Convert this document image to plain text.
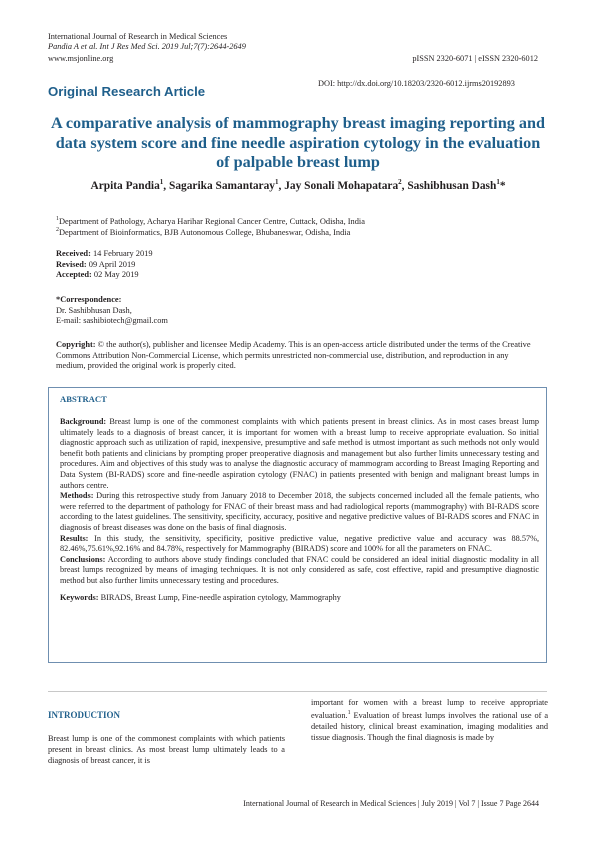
International Journal of Research in Medical Sciences
Pandia A et al. Int J Res Med Sci. 2019 Jul;7(7):2644-2649
www.msjonline.org	pISSN 2320-6071 | eISSN 2320-6012
DOI: http://dx.doi.org/10.18203/2320-6012.ijrms20192893
Original Research Article
A comparative analysis of mammography breast imaging reporting and data system score and fine needle aspiration cytology in the evaluation of palpable breast lump
Arpita Pandia$^1$, Sagarika Samantaray$^1$, Jay Sonali Mohapatara$^2$, Sashibhusan Dash$^1$*
$^1$Department of Pathology, Acharya Harihar Regional Cancer Centre, Cuttack, Odisha, India
$^2$Department of Bioinformatics, BJB Autonomous College, Bhubaneswar, Odisha, India
Received: 14 February 2019
Revised: 09 April 2019
Accepted: 02 May 2019
*Correspondence:
Dr. Sashibhusan Dash,
E-mail: sashibiotech@gmail.com
Copyright: © the author(s), publisher and licensee Medip Academy. This is an open-access article distributed under the terms of the Creative Commons Attribution Non-Commercial License, which permits unrestricted non-commercial use, distribution, and reproduction in any medium, provided the original work is properly cited.
ABSTRACT

Background: Breast lump is one of the commonest complaints with which patients present in breast clinics. As in most cases breast lump ultimately leads to a diagnosis of breast cancer, it is important for women with a breast lump to receive appropriate evaluation. So initial diagnostic approach such as utilization of rapid, inexpensive, presumptive and safe method is utmost important as such methods not only would benefit both patients and clinicians by prompting proper preoperative diagnosis and management but also further limits unnecessary testing and procedures. Aim and objectives of this study was to analyse the diagnostic accuracy of mammogram according to Breast Imaging Reporting and Data System (BI-RADS) score and fine-needle aspiration cytology (FNAC) in patients presented with benign and malignant breast lumps in authors centre.

Methods: During this retrospective study from January 2018 to December 2018, the subjects concerned included all the female patients, who were referred to the department of pathology for FNAC of their breast mass and had radiological reports (mammography) with BI-RADS score according to the latest guidelines. The sensitivity, specificity, accuracy, positive and negative predictive values of BI-RADS scores and FNAC in diagnosis of breast diseases was done on the basis of final diagnosis.

Results: In this study, the sensitivity, specificity, positive predictive value, negative predictive value and accuracy was 88.57%, 82.46%,75.61%,92.16% and 84.78%, respectively for Mammography (BIRADS) score and 100% for all the parameters on FNAC.

Conclusions: According to authors above study findings concluded that FNAC could be considered an ideal initial diagnostic modality in all breast lumps recognized by means of imaging techniques. It is not only considered as safe, cost effective, rapid and presumptive diagnostic method but also further limits unnecessary testing and procedures.

Keywords: BIRADS, Breast Lump, Fine-needle aspiration cytology, Mammography

INTRODUCTION
Breast lump is one of the commonest complaints with which patients present in breast clinics. As most breast lump ultimately leads to a diagnosis of breast cancer, it is
important for women with a breast lump to receive appropriate evaluation.$^1$ Evaluation of breast lumps involves the rational use of a detailed history, clinical breast examination, imaging modalities and tissue diagnosis. Though the final diagnosis is made by
International Journal of Research in Medical Sciences | July 2019 | Vol 7 | Issue 7 Page 2644
